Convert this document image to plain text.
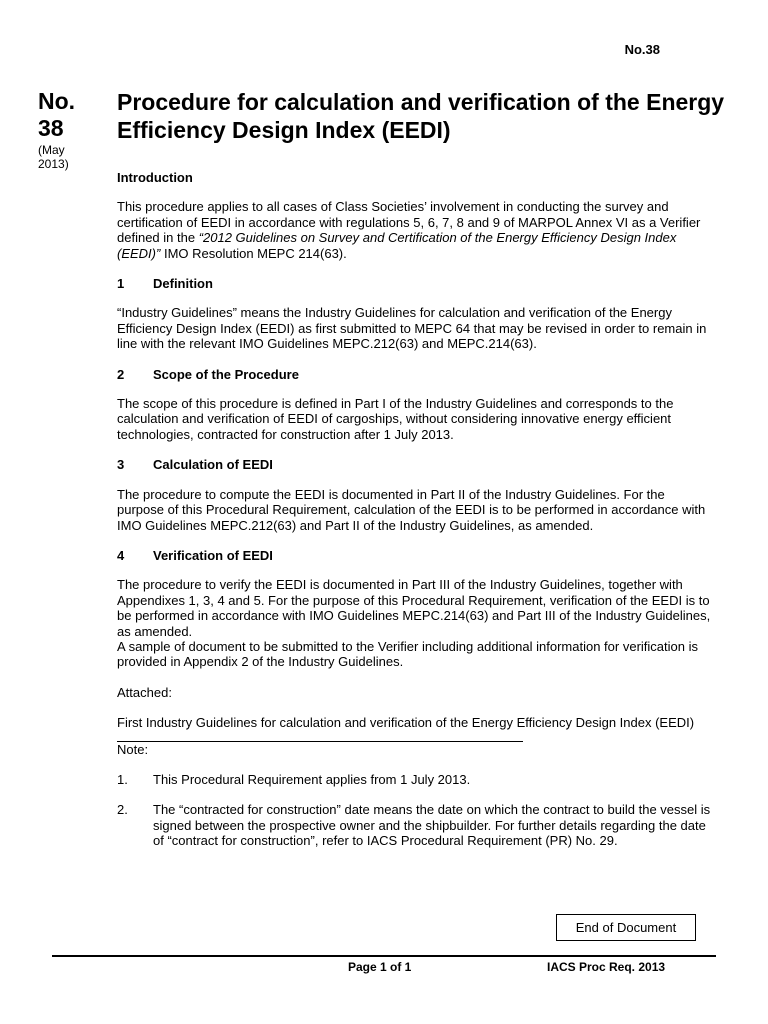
No.38
No.
38
(May
2013)
Procedure for calculation and verification of the Energy Efficiency Design Index (EEDI)
Introduction

This procedure applies to all cases of Class Societies’ involvement in conducting the survey and certification of EEDI in accordance with regulations 5, 6, 7, 8 and 9 of MARPOL Annex VI as a Verifier defined in the “2012 Guidelines on Survey and Certification of the Energy Efficiency Design Index (EEDI)” IMO Resolution MEPC 214(63).

1	Definition

“Industry Guidelines” means the Industry Guidelines for calculation and verification of the Energy Efficiency Design Index (EEDI) as first submitted to MEPC 64 that may be revised in order to remain in line with the relevant IMO Guidelines MEPC.212(63) and MEPC.214(63).

2	Scope of the Procedure

The scope of this procedure is defined in Part I of the Industry Guidelines and corresponds to the calculation and verification of EEDI of cargoships, without considering innovative energy efficient technologies, contracted for construction after 1 July 2013.

3	Calculation of EEDI

The procedure to compute the EEDI is documented in Part II of the Industry Guidelines. For the purpose of this Procedural Requirement, calculation of the EEDI is to be performed in accordance with IMO Guidelines MEPC.212(63) and Part II of the Industry Guidelines, as amended.

4	Verification of EEDI

The procedure to verify the EEDI is documented in Part III of the Industry Guidelines, together with Appendixes 1, 3, 4 and 5. For the purpose of this Procedural Requirement, verification of the EEDI is to be performed in accordance with IMO Guidelines MEPC.214(63) and Part III of the Industry Guidelines, as amended.
A sample of document to be submitted to the Verifier including additional information for verification is provided in Appendix 2 of the Industry Guidelines.

Attached:

First Industry Guidelines for calculation and verification of the Energy Efficiency Design Index (EEDI)

Note:
1.	This Procedural Requirement applies from 1 July 2013.
2.	The “contracted for construction” date means the date on which the contract to build the vessel is signed between the prospective owner and the shipbuilder. For further details regarding the date of “contract for construction”, refer to IACS Procedural Requirement (PR) No. 29.
End of Document
Page 1 of 1	IACS Proc Req. 2013
